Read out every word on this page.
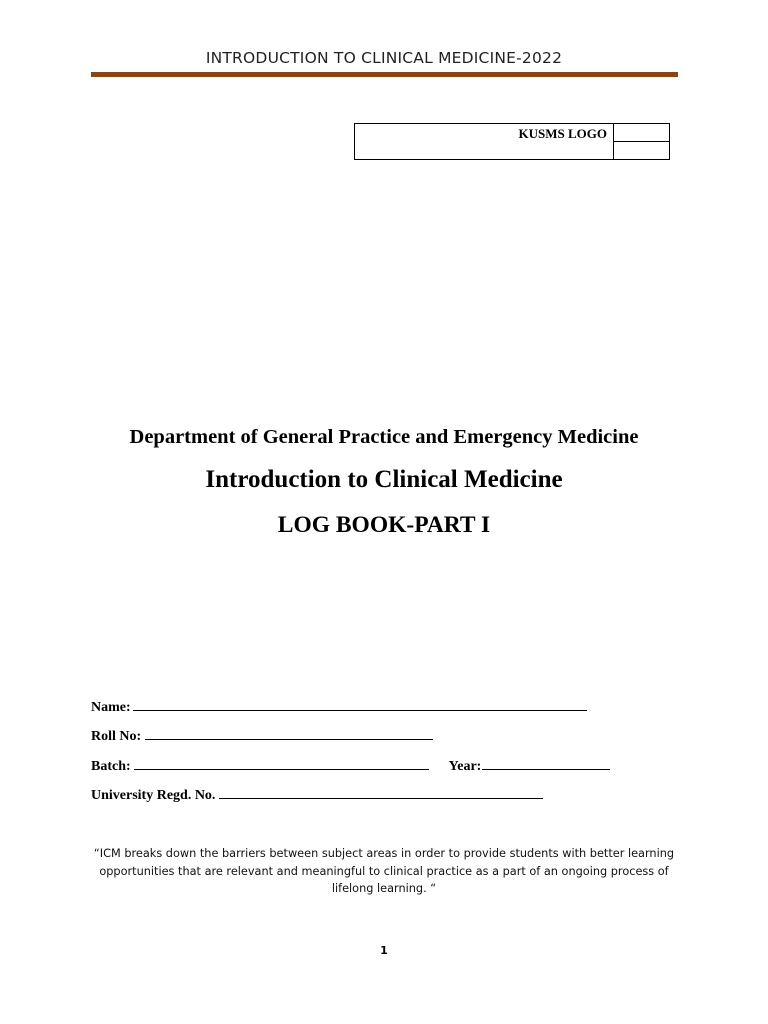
INTRODUCTION TO CLINICAL MEDICINE-2022
KUSMS LOGO	

Department of General Practice and Emergency Medicine
Introduction to Clinical Medicine
LOG BOOK-PART I
Name:
Roll No:
Batch:	Year:
University Regd. No.
“ICM breaks down the barriers between subject areas in order to provide students with better learning opportunities that are relevant and meaningful to clinical practice as a part of an ongoing process of lifelong learning. “
1
